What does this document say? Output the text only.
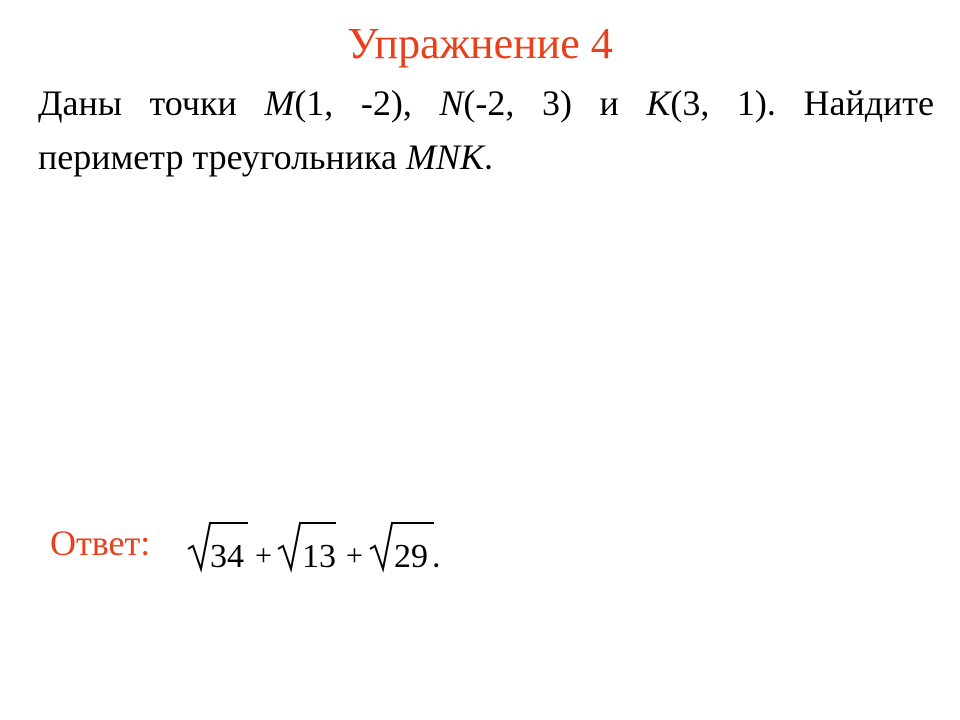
Упражнение 4
Даны точки M(1, -2), N(-2, 3) и K(3, 1). Найдите
периметр треугольника MNK.
Ответ: 34 + 13 + 29 .
